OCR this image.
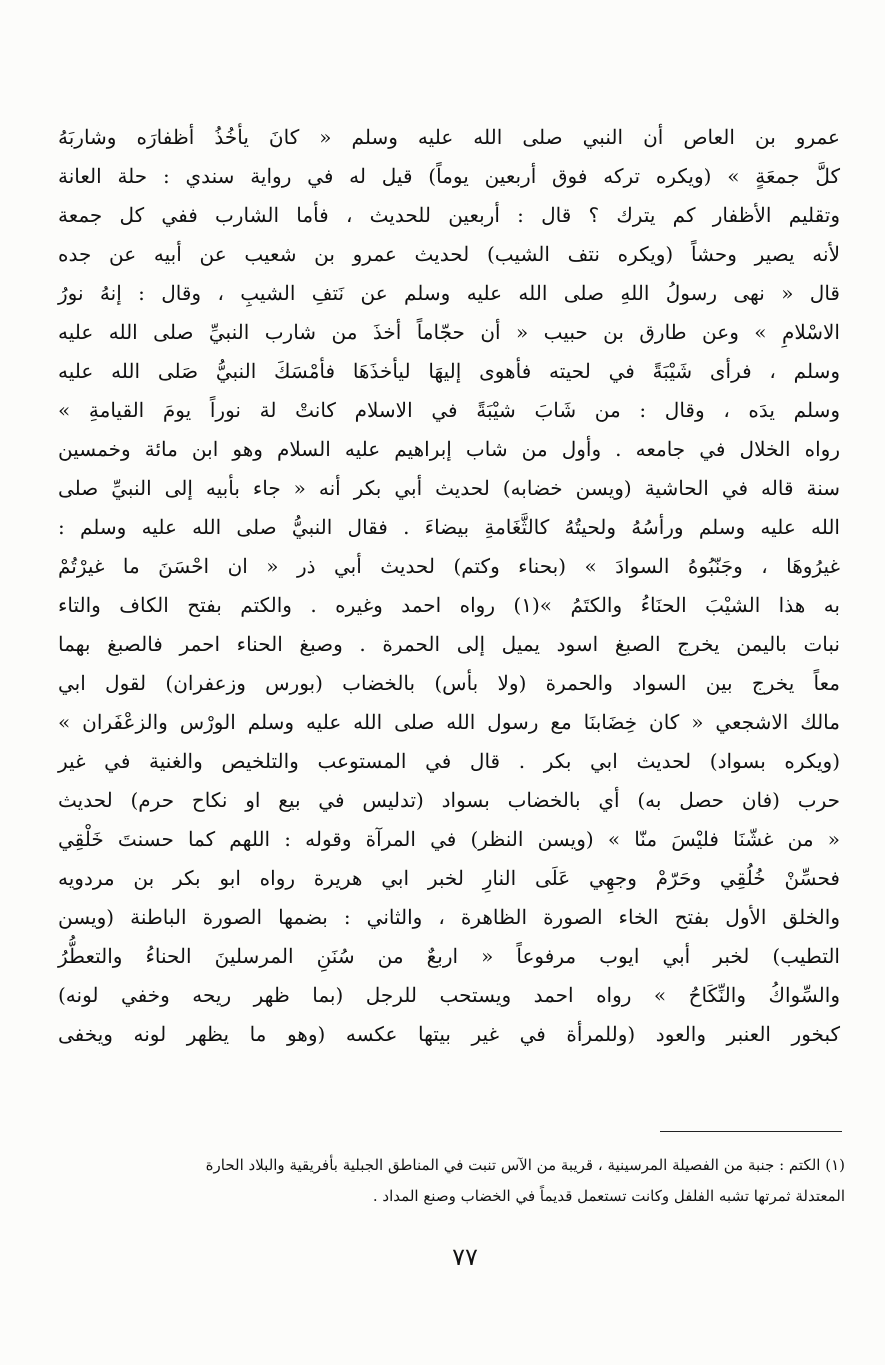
عمرو بن العاص أن النبي صلى الله عليه وسلم « كانَ يأخُذُ أظفارَه وشاربَهُ
كلَّ جمعَةٍ » (ويكره تركه فوق أربعين يوماً) قيل له في رواية سندي : حلة العانة
وتقليم الأظفار كم يترك ؟ قال : أربعين للحديث ، فأما الشارب ففي كل جمعة
لأنه يصير وحشاً (ويكره نتف الشيب) لحديث عمرو بن شعيب عن أبيه عن جده
قال « نهى رسولُ اللهِ صلى الله عليه وسلم عن نَتفِ الشيبِ ، وقال : إنهُ نورُ
الاسْلامِ » وعن طارق بن حبيب « أن حجّاماً أخذَ من شارب النبيِّ صلى الله عليه
وسلم ، فرأى شَيْبَةً في لحيته فأهوى إليهَا ليأخذَهَا فأمْسَكَ النبيُّ صَلى الله عليه
وسلم يدَه ، وقال : من شَابَ شيْبَةً في الاسلام كانتْ لة نوراً يومَ القيامةِ »
رواه الخلال في جامعه . وأول من شاب إبراهيم عليه السلام وهو ابن مائة وخمسين
سنة قاله في الحاشية (ويسن خضابه) لحديث أبي بكر أنه « جاء بأبيه إلى النبيِّ صلى
الله عليه وسلم ورأسُهُ ولحيتُهُ كالثَّغَامةِ بيضاءَ . فقال النبيُّ صلى الله عليه وسلم :
غيرُوهَا ، وجَنّبُوهُ السوادَ » (بحناء وكتم) لحديث أبي ذر « ان احْسَنَ ما غيرْتُمْ
به هذا الشيْبَ الحنَاءُ والكتَمُ »(١) رواه احمد وغيره . والكتم بفتح الكاف والتاء
نبات باليمن يخرج الصبغ اسود يميل إلى الحمرة . وصبغ الحناء احمر فالصبغ بهما
معاً يخرج بين السواد والحمرة (ولا بأس) بالخضاب (بورس وزعفران) لقول ابي
مالك الاشجعي « كان خِضَابنَا مع رسول الله صلى الله عليه وسلم الورْس والزعْفَران »
(ويكره بسواد) لحديث ابي بكر . قال في المستوعب والتلخيص والغنية في غير
حرب (فان حصل به) أي بالخضاب بسواد (تدليس في بيع او نكاح حرم) لحديث
« من غشّنَا فليْسَ منّا » (ويسن النظر) في المرآة وقوله : اللهم كما حسنتَ خَلْقِي
فحسِّنْ خُلُقِي وحَرّمْ وجهِي عَلَى النارِ لخبر ابي هريرة رواه ابو بكر بن مردويه
والخلق الأول بفتح الخاء الصورة الظاهرة ، والثاني : بضمها الصورة الباطنة (ويسن
التطيب) لخبر أبي ايوب مرفوعاً « اربعٌ من سُنَنِ المرسلينَ الحناءُ والتعطُّرُ
والسِّواكُ والنِّكَاحُ » رواه احمد ويستحب للرجل (بما ظهر ريحه وخفي لونه)
كبخور العنبر والعود (وللمرأة في غير بيتها عكسه (وهو ما يظهر لونه ويخفى
(١) الكتم : جنبة من الفصيلة المرسينية ، قريبة من الآس تنبت في المناطق الجبلية بأفريقية والبلاد الحارة
المعتدلة ثمرتها تشبه الفلفل وكانت تستعمل قديماً في الخضاب وصنع المداد .
٧٧
